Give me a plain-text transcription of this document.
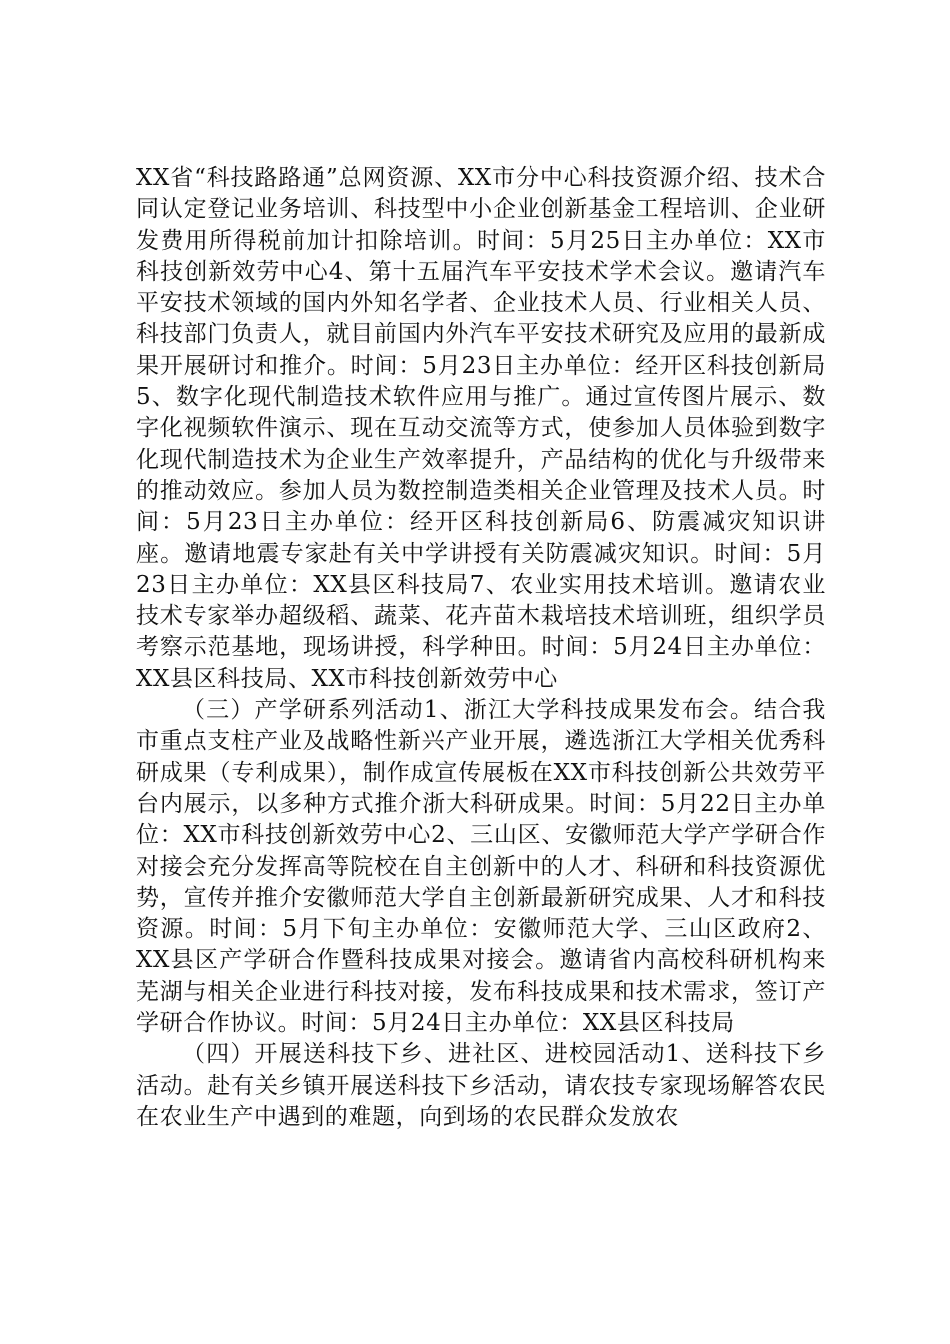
XX省“科技路路通”总网资源、XX市分中心科技资源介绍、技术合同认定登记业务培训、科技型中小企业创新基金工程培训、企业研发费用所得税前加计扣除培训。时间：5月25日主办单位：XX市科技创新效劳中心4、第十五届汽车平安技术学术会议。邀请汽车平安技术领域的国内外知名学者、企业技术人员、行业相关人员、科技部门负责人，就目前国内外汽车平安技术研究及应用的最新成果开展研讨和推介。时间：5月23日主办单位：经开区科技创新局5、数字化现代制造技术软件应用与推广。通过宣传图片展示、数字化视频软件演示、现在互动交流等方式，使参加人员体验到数字化现代制造技术为企业生产效率提升，产品结构的优化与升级带来的推动效应。参加人员为数控制造类相关企业管理及技术人员。时间：5月23日主办单位：经开区科技创新局6、防震减灾知识讲座。邀请地震专家赴有关中学讲授有关防震减灾知识。时间：5月23日主办单位：XX县区科技局7、农业实用技术培训。邀请农业技术专家举办超级稻、蔬菜、花卉苗木栽培技术培训班，组织学员考察示范基地，现场讲授，科学种田。时间：5月24日主办单位：XX县区科技局、XX市科技创新效劳中心

（三）产学研系列活动1、浙江大学科技成果发布会。结合我市重点支柱产业及战略性新兴产业开展，遴选浙江大学相关优秀科研成果（专利成果），制作成宣传展板在XX市科技创新公共效劳平台内展示，以多种方式推介浙大科研成果。时间：5月22日主办单位：XX市科技创新效劳中心2、三山区、安徽师范大学产学研合作对接会充分发挥高等院校在自主创新中的人才、科研和科技资源优势，宣传并推介安徽师范大学自主创新最新研究成果、人才和科技资源。时间：5月下旬主办单位：安徽师范大学、三山区政府2、XX县区产学研合作暨科技成果对接会。邀请省内高校科研机构来芜湖与相关企业进行科技对接，发布科技成果和技术需求，签订产学研合作协议。时间：5月24日主办单位：XX县区科技局

（四）开展送科技下乡、进社区、进校园活动1、送科技下乡活动。赴有关乡镇开展送科技下乡活动，请农技专家现场解答农民在农业生产中遇到的难题，向到场的农民群众发放农
